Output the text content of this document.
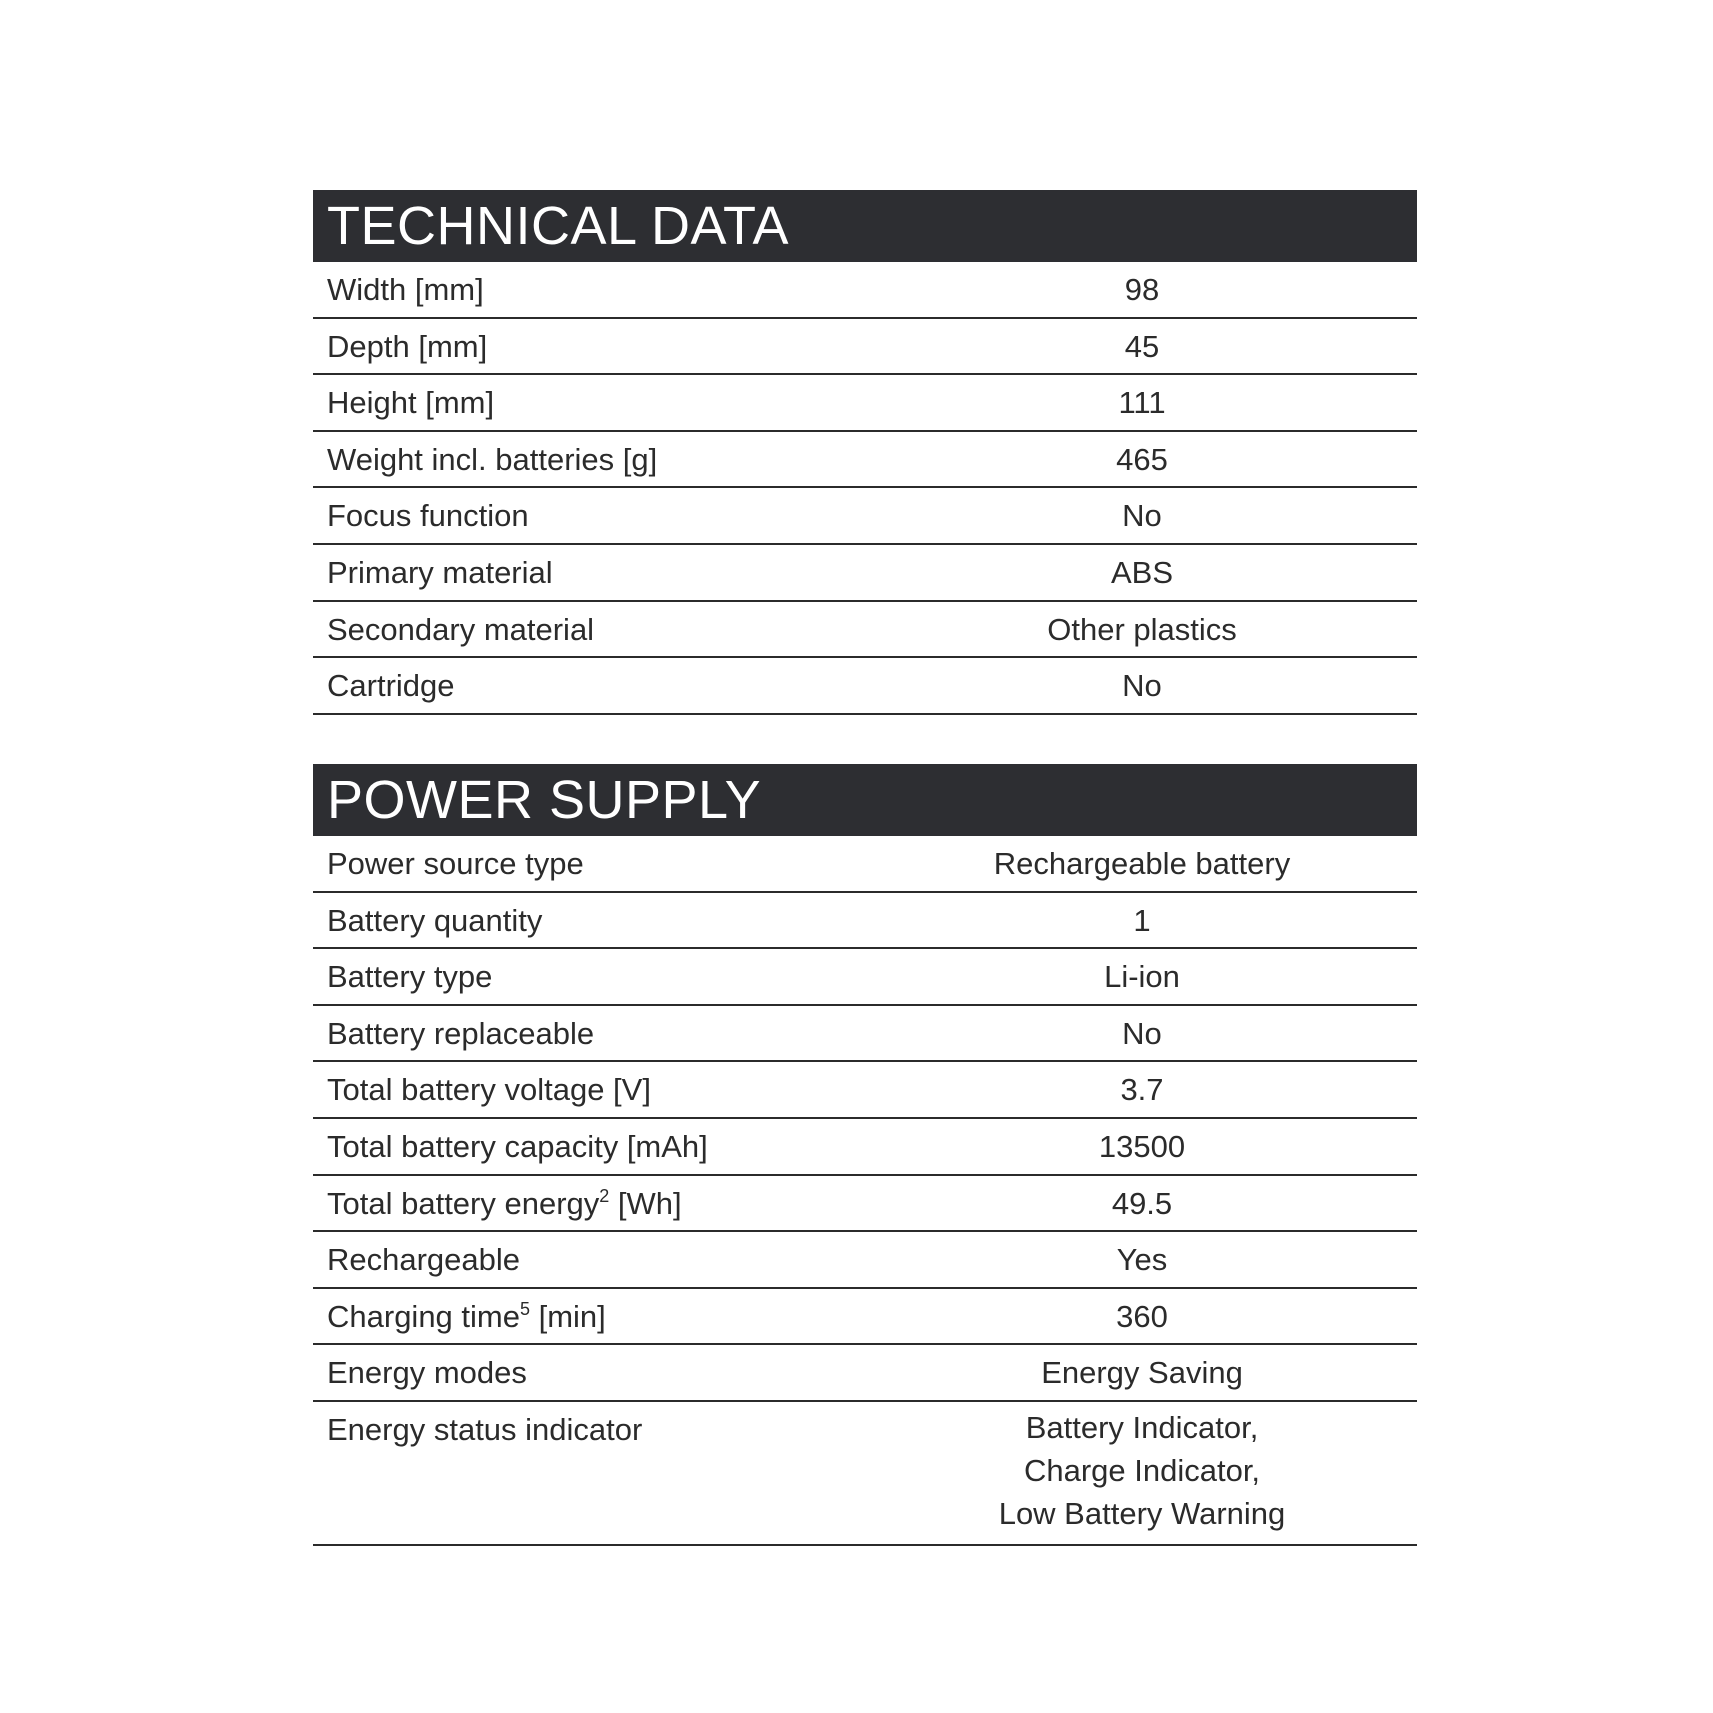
TECHNICAL DATA
Width [mm]	98
Depth [mm]	45
Height [mm]	111
Weight incl. batteries [g]	465
Focus function	No
Primary material	ABS
Secondary material	Other plastics
Cartridge	No
POWER SUPPLY
Power source type	Rechargeable battery
Battery quantity	1
Battery type	Li-ion
Battery replaceable	No
Total battery voltage [V]	3.7
Total battery capacity [mAh]	13500
Total battery energy$^2$ [Wh]	49.5
Rechargeable	Yes
Charging time$^5$ [min]	360
Energy modes	Energy Saving
Energy status indicator	Battery Indicator,
Charge Indicator,
Low Battery Warning
